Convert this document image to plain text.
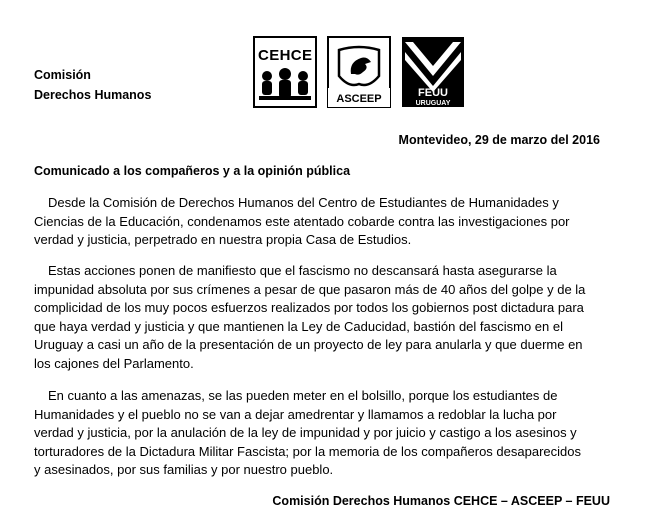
Comisión
Derechos Humanos
CEHCE
ASCEEP	FEUU
URUGUAY
Montevideo, 29 de marzo del 2016
Comunicado a los compañeros y a la opinión pública

Desde la Comisión de Derechos Humanos del Centro de Estudiantes de Humanidades y
Ciencias de la Educación, condenamos este atentado cobarde contra las investigaciones por
verdad y justicia, perpetrado en nuestra propia Casa de Estudios.

Estas acciones ponen de manifiesto que el fascismo no descansará hasta asegurarse la
impunidad absoluta por sus crímenes a pesar de que pasaron más de 40 años del golpe y de la
complicidad de los muy pocos esfuerzos realizados por todos los gobiernos post dictadura para
que haya verdad y justicia y que mantienen la Ley de Caducidad, bastión del fascismo en el
Uruguay a casi un año de la presentación de un proyecto de ley para anularla y que duerme en
los cajones del Parlamento.

En cuanto a las amenazas, se las pueden meter en el bolsillo, porque los estudiantes de
Humanidades y el pueblo no se van a dejar amedrentar y llamamos a redoblar la lucha por
verdad y justicia, por la anulación de la ley de impunidad y por juicio y castigo a los asesinos y
torturadores de la Dictadura Militar Fascista; por la memoria de los compañeros desaparecidos
y asesinados, por sus familias y por nuestro pueblo.

Comisión Derechos Humanos CEHCE – ASCEEP – FEUU
